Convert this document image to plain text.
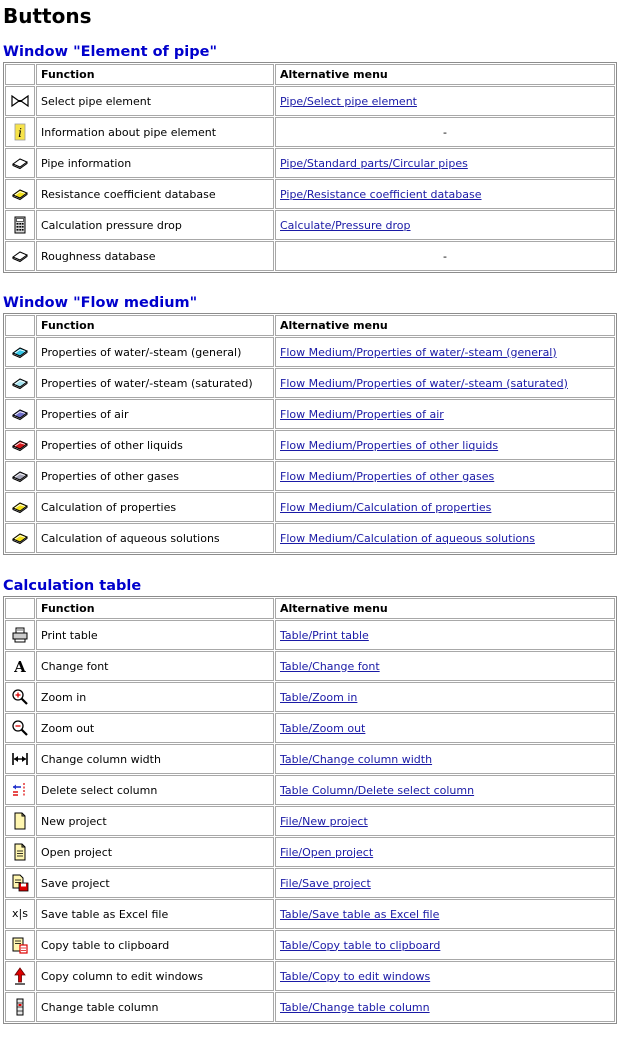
Buttons
Window "Element of pipe"
	Function	Alternative menu

	Select pipe element	Pipe/Select pipe element

i	Information about pipe element	-

	Pipe information	Pipe/Standard parts/Circular pipes

	Resistance coefficient database	Pipe/Resistance coefficient database

	Calculation pressure drop	Calculate/Pressure drop

	Roughness database	-
Window "Flow medium"
	Function	Alternative menu

	Properties of water/-steam (general)	Flow Medium/Properties of water/-steam (general)

	Properties of water/-steam (saturated)	Flow Medium/Properties of water/-steam (saturated)

	Properties of air	Flow Medium/Properties of air

	Properties of other liquids	Flow Medium/Properties of other liquids

	Properties of other gases	Flow Medium/Properties of other gases

	Calculation of properties	Flow Medium/Calculation of properties

	Calculation of aqueous solutions	Flow Medium/Calculation of aqueous solutions
Calculation table
	Function	Alternative menu

	Print table	Table/Print table

A	Change font	Table/Change font

	Zoom in	Table/Zoom in

	Zoom out	Table/Zoom out

	Change column width	Table/Change column width

	Delete select column	Table Column/Delete select column

	New project	File/New project

	Open project	File/Open project

	Save project	File/Save project
x|s	Save table as Excel file	Table/Save table as Excel file

	Copy table to clipboard	Table/Copy table to clipboard

	Copy column to edit windows	Table/Copy to edit windows

	Change table column	Table/Change table column
